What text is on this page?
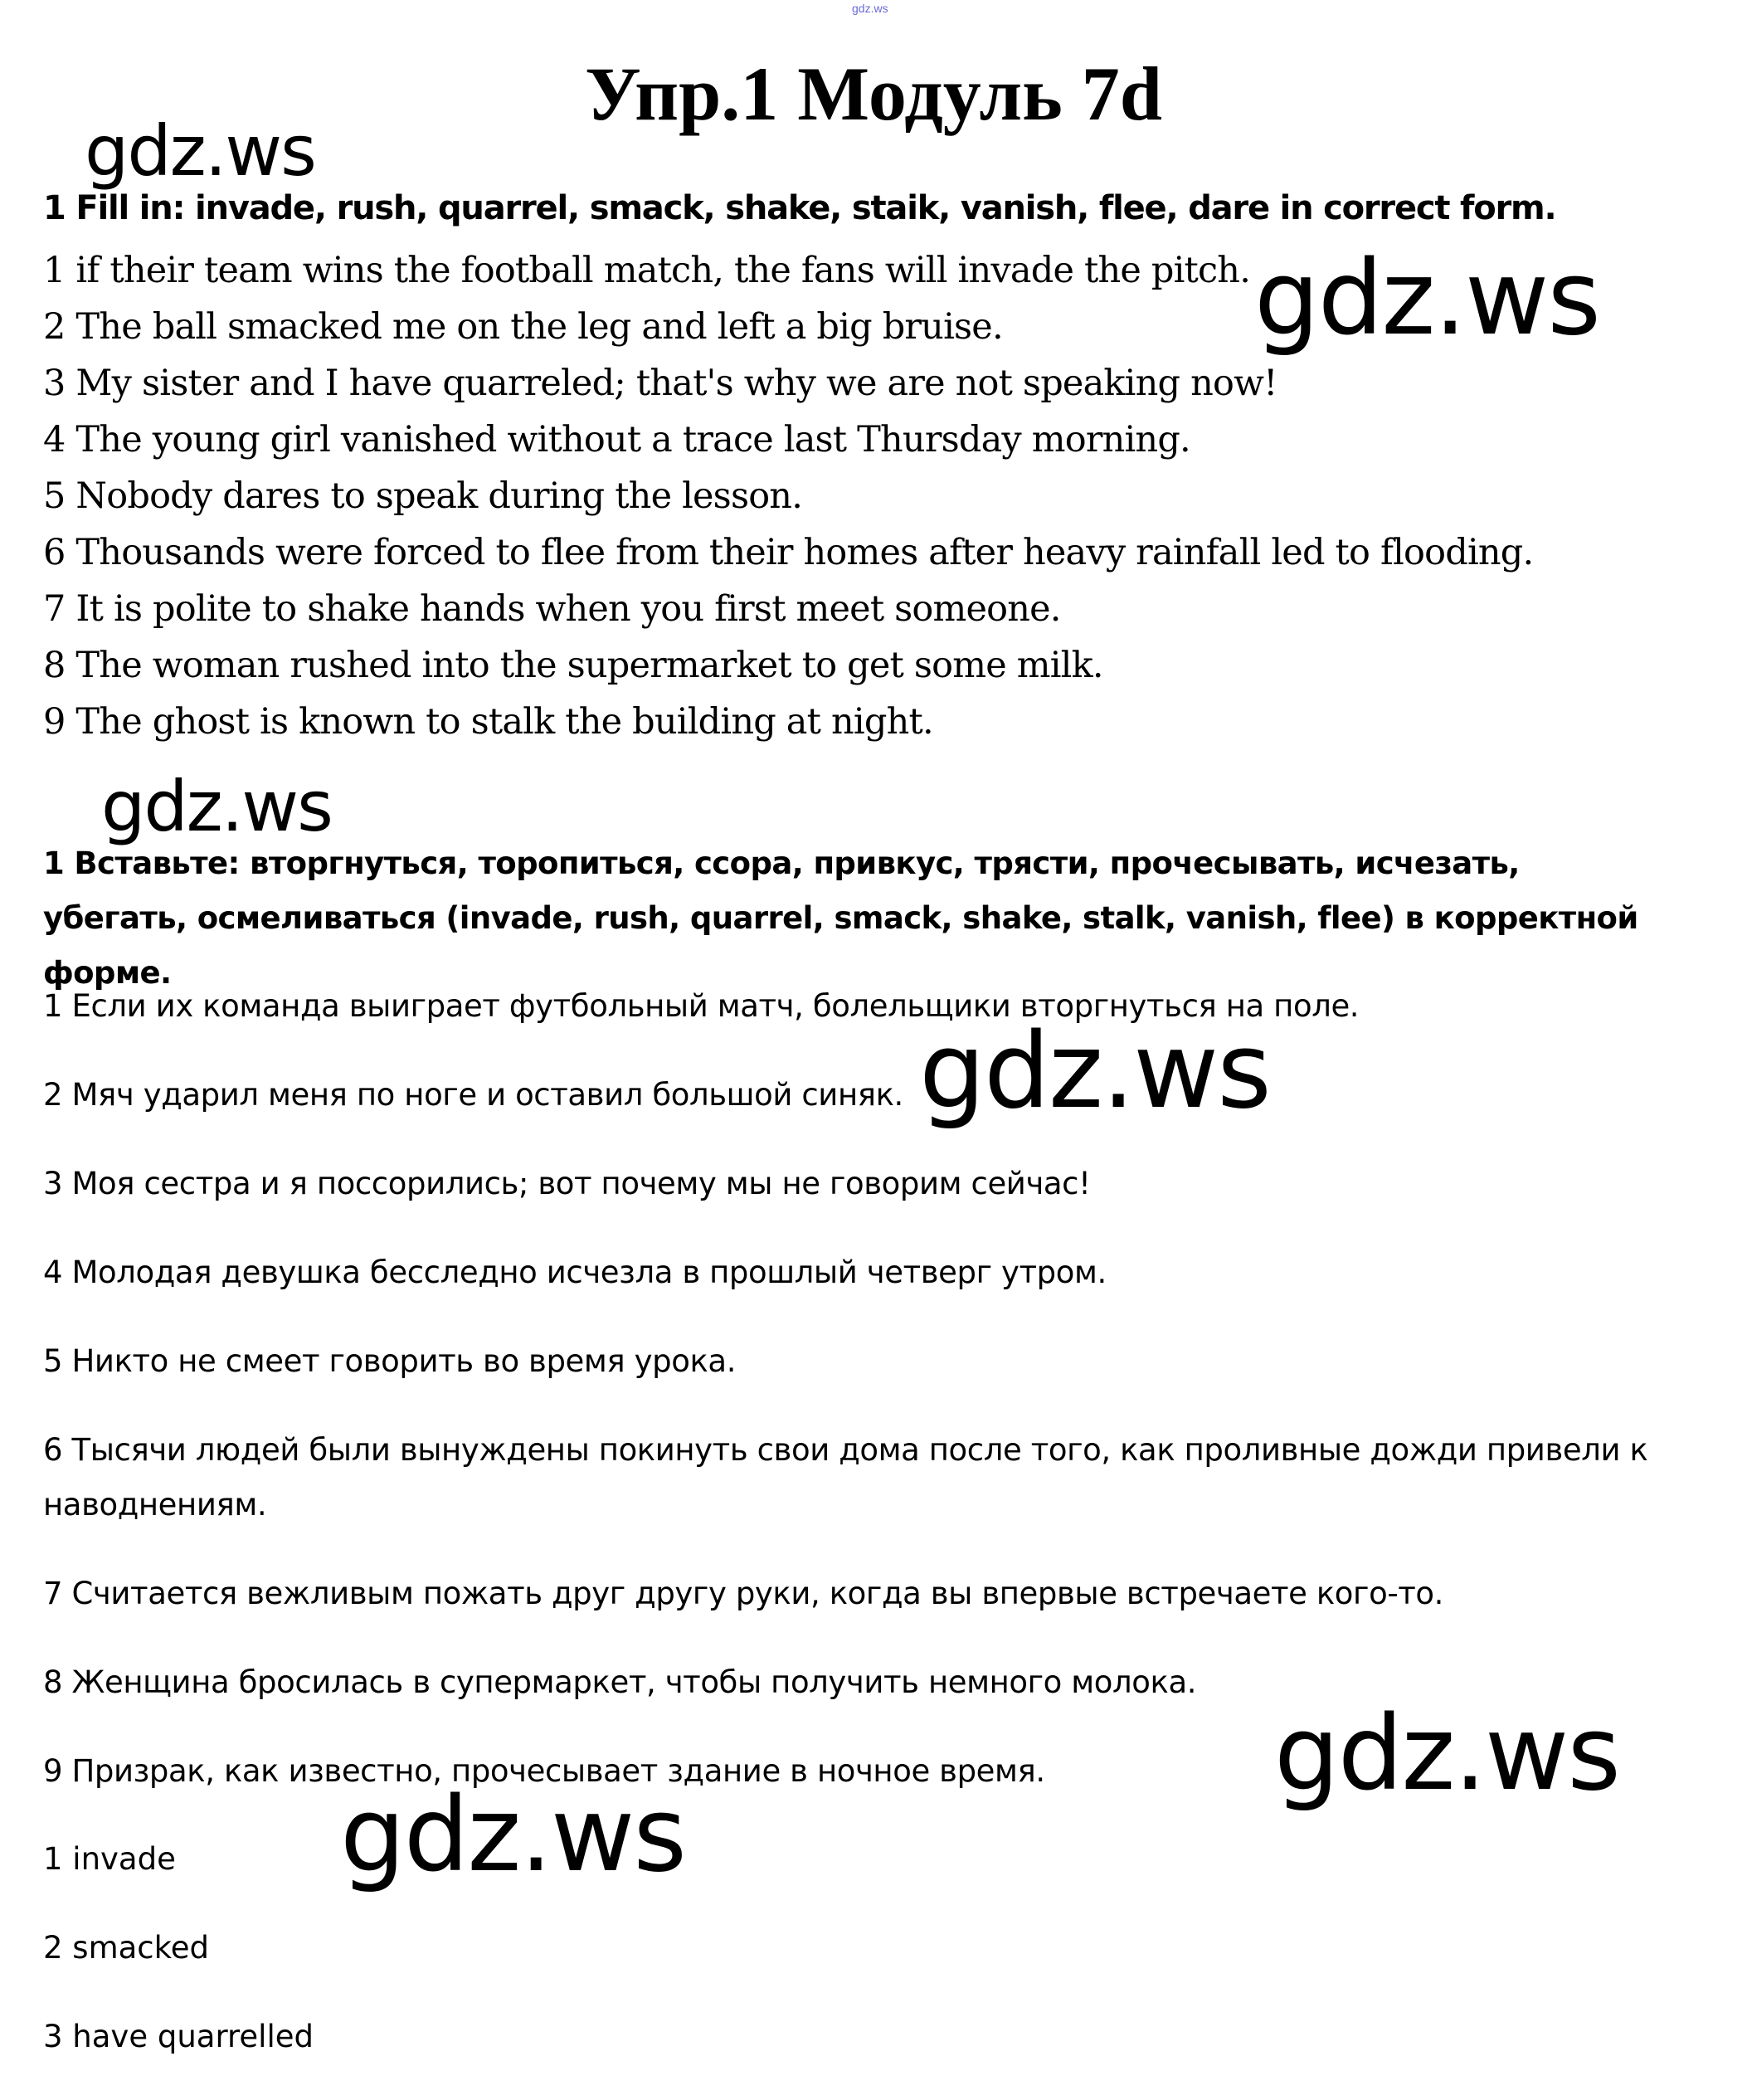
gdz.ws
Упр.1 Модуль 7d
1 Fill in: invade, rush, quarrel, smack, shake, staik, vanish, flee, dare in correct form.
1 if their team wins the football match, the fans will invade the pitch.
2 The ball smacked me on the leg and left a big bruise.
3 My sister and I have quarreled; that's why we are not speaking now!
4 The young girl vanished without a trace last Thursday morning.
5 Nobody dares to speak during the lesson.
6 Thousands were forced to flee from their homes after heavy rainfall led to flooding.
7 It is polite to shake hands when you first meet someone.
8 The woman rushed into the supermarket to get some milk.
9 The ghost is known to stalk the building at night.
1 Вставьте: вторгнуться, торопиться, ссора, привкус, трясти, прочесывать, исчезать, убегать, осмеливаться (invade, rush, quarrel, smack, shake, stalk, vanish, flee) в корректной форме.
1 Если их команда выиграет футбольный матч, болельщики вторгнуться на поле.
2 Мяч ударил меня по ноге и оставил большой синяк.
3 Моя сестра и я поссорились; вот почему мы не говорим сейчас!
4 Молодая девушка бесследно исчезла в прошлый четверг утром.
5 Никто не смеет говорить во время урока.
6 Тысячи людей были вынуждены покинуть свои дома после того, как проливные дожди привели к наводнениям.
7 Считается вежливым пожать друг другу руки, когда вы впервые встречаете кого-то.
8 Женщина бросилась в супермаркет, чтобы получить немного молока.
9 Призрак, как известно, прочесывает здание в ночное время.
1 invade
2 smacked
3 have quarrelled
gdz.ws
gdz.ws
gdz.ws
gdz.ws
gdz.ws
gdz.ws
